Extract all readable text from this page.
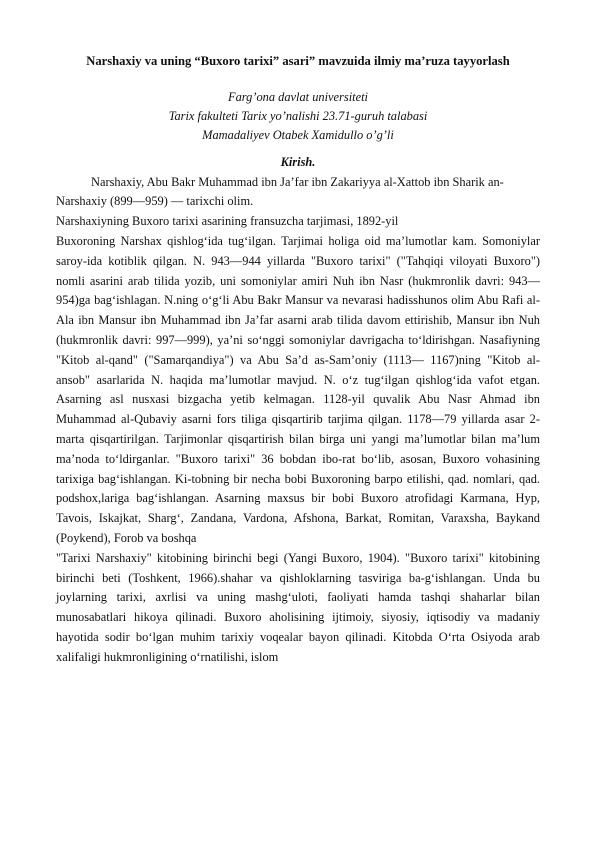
Narshaxiy va uning “Buxoro tarixi” asari” mavzuida ilmiy ma’ruza tayyorlash

Farg’ona davlat universiteti

Tarix fakulteti Tarix yo’nalishi 23.71-guruh talabasi

Mamadaliyev Otabek Xamidullo o’g’li

Kirish.

Narshaxiy, Abu Bakr Muhammad ibn Ja’far ibn Zakariyya al-Xattob ibn Sharik an-Narshaxiy (899—959) — tarixchi olim.

Narshaxiyning Buxoro tarixi asarining fransuzcha tarjimasi, 1892-yil

Buxoroning Narshax qishlog‘ida tug‘ilgan. Tarjimai holiga oid ma’lumotlar kam. Somoniylar saroy-ida kotiblik qilgan. N. 943—944 yillarda "Buxoro tarixi" ("Tahqiqi viloyati Buxoro") nomli asarini arab tilida yozib, uni somoniylar amiri Nuh ibn Nasr (hukmronlik davri: 943—954)ga bag‘ishlagan. N.ning o‘g‘li Abu Bakr Mansur va nevarasi hadisshunos olim Abu Rafi al-Ala ibn Mansur ibn Muhammad ibn Ja’far asarni arab tilida davom ettirishib, Mansur ibn Nuh (hukmronlik davri: 997—999), ya’ni so‘nggi somoniylar davrigacha to‘ldirishgan. Nasafiyning "Kitob al-qand" ("Samarqandiya") va Abu Sa’d as-Sam’oniy (1113— 1167)ning "Kitob al-ansob" asarlarida N. haqida ma’lumotlar mavjud. N. o‘z tug‘ilgan qishlog‘ida vafot etgan. Asarning asl nusxasi bizgacha yetib kelmagan. 1128-yil quvalik Abu Nasr Ahmad ibn Muhammad al-Qubaviy asarni fors tiliga qisqartirib tarjima qilgan. 1178—79 yillarda asar 2-marta qisqartirilgan. Tarjimonlar qisqartirish bilan birga uni yangi ma’lumotlar bilan ma’lum ma’noda to‘ldirganlar. "Buxoro tarixi" 36 bobdan ibo-rat bo‘lib, asosan, Buxoro vohasining tarixiga bag‘ishlangan. Ki-tobning bir necha bobi Buxoroning barpo etilishi, qad. nomlari, qad. podshox,lariga bag‘ishlangan. Asarning maxsus bir bobi Buxoro atrofidagi Karmana, Hyp, Tavois, Iskajkat, Sharg‘, Zandana, Vardona, Afshona, Barkat, Romitan, Varaxsha, Baykand (Poykend), Forob va boshqa

"Tarixi Narshaxiy" kitobining birinchi begi (Yangi Buxoro, 1904). "Buxoro tarixi" kitobining birinchi beti (Toshkent, 1966).shahar va qishloklarning tasviriga ba-g‘ishlangan. Unda bu joylarning tarixi, axrlisi va uning mashg‘uloti, faoliyati hamda tashqi shaharlar bilan munosabatlari hikoya qilinadi. Buxoro aholisining ijtimoiy, siyosiy, iqtisodiy va madaniy hayotida sodir bo‘lgan muhim tarixiy voqealar bayon qilinadi. Kitobda O‘rta Osiyoda arab xalifaligi hukmronligining o‘rnatilishi, islom
